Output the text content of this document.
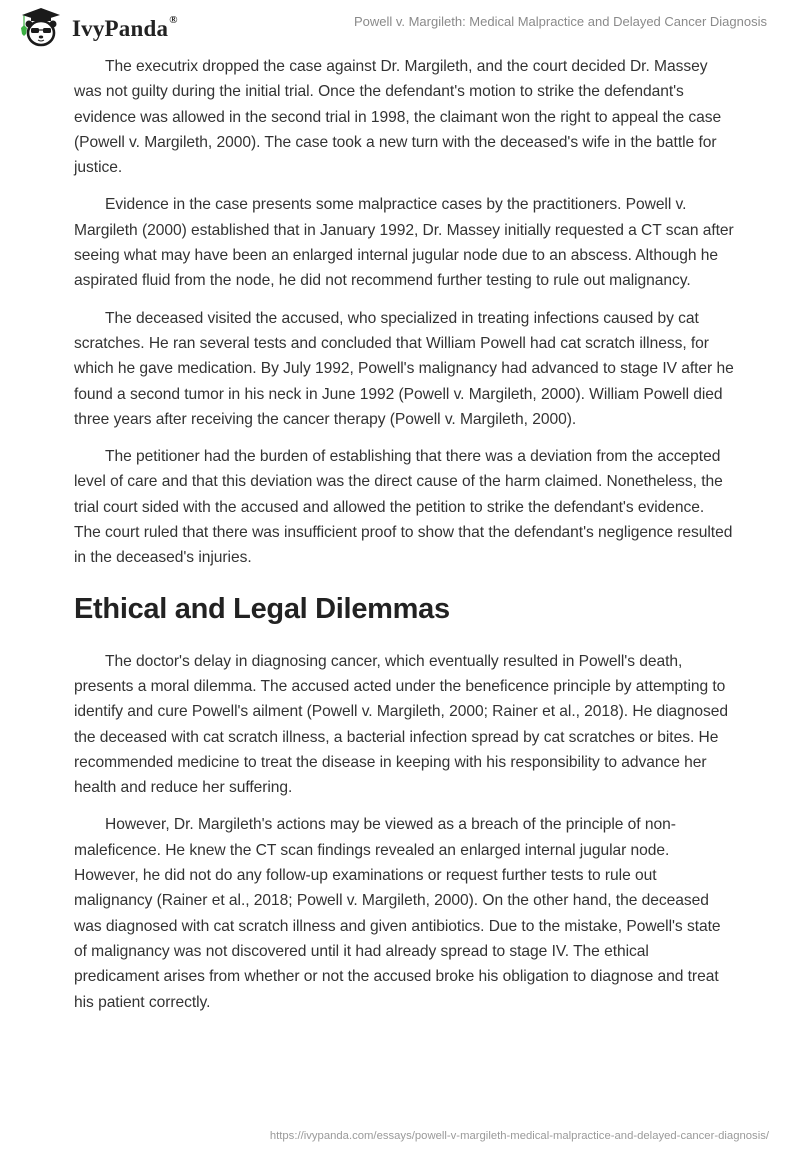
IvyPanda®	Powell v. Margileth: Medical Malpractice and Delayed Cancer Diagnosis

The executrix dropped the case against Dr. Margileth, and the court decided Dr. Massey was not guilty during the initial trial. Once the defendant's motion to strike the defendant's evidence was allowed in the second trial in 1998, the claimant won the right to appeal the case (Powell v. Margileth, 2000). The case took a new turn with the deceased's wife in the battle for justice.

Evidence in the case presents some malpractice cases by the practitioners. Powell v. Margileth (2000) established that in January 1992, Dr. Massey initially requested a CT scan after seeing what may have been an enlarged internal jugular node due to an abscess. Although he aspirated fluid from the node, he did not recommend further testing to rule out malignancy.

The deceased visited the accused, who specialized in treating infections caused by cat scratches. He ran several tests and concluded that William Powell had cat scratch illness, for which he gave medication. By July 1992, Powell's malignancy had advanced to stage IV after he found a second tumor in his neck in June 1992 (Powell v. Margileth, 2000). William Powell died three years after receiving the cancer therapy (Powell v. Margileth, 2000).

The petitioner had the burden of establishing that there was a deviation from the accepted level of care and that this deviation was the direct cause of the harm claimed. Nonetheless, the trial court sided with the accused and allowed the petition to strike the defendant's evidence. The court ruled that there was insufficient proof to show that the defendant's negligence resulted in the deceased's injuries.

Ethical and Legal Dilemmas

The doctor's delay in diagnosing cancer, which eventually resulted in Powell's death, presents a moral dilemma. The accused acted under the beneficence principle by attempting to identify and cure Powell's ailment (Powell v. Margileth, 2000; Rainer et al., 2018). He diagnosed the deceased with cat scratch illness, a bacterial infection spread by cat scratches or bites. He recommended medicine to treat the disease in keeping with his responsibility to advance her health and reduce her suffering.

However, Dr. Margileth's actions may be viewed as a breach of the principle of non-maleficence. He knew the CT scan findings revealed an enlarged internal jugular node. However, he did not do any follow-up examinations or request further tests to rule out malignancy (Rainer et al., 2018; Powell v. Margileth, 2000). On the other hand, the deceased was diagnosed with cat scratch illness and given antibiotics. Due to the mistake, Powell's state of malignancy was not discovered until it had already spread to stage IV. The ethical predicament arises from whether or not the accused broke his obligation to diagnose and treat his patient correctly.

https://ivypanda.com/essays/powell-v-margileth-medical-malpractice-and-delayed-cancer-diagnosis/
